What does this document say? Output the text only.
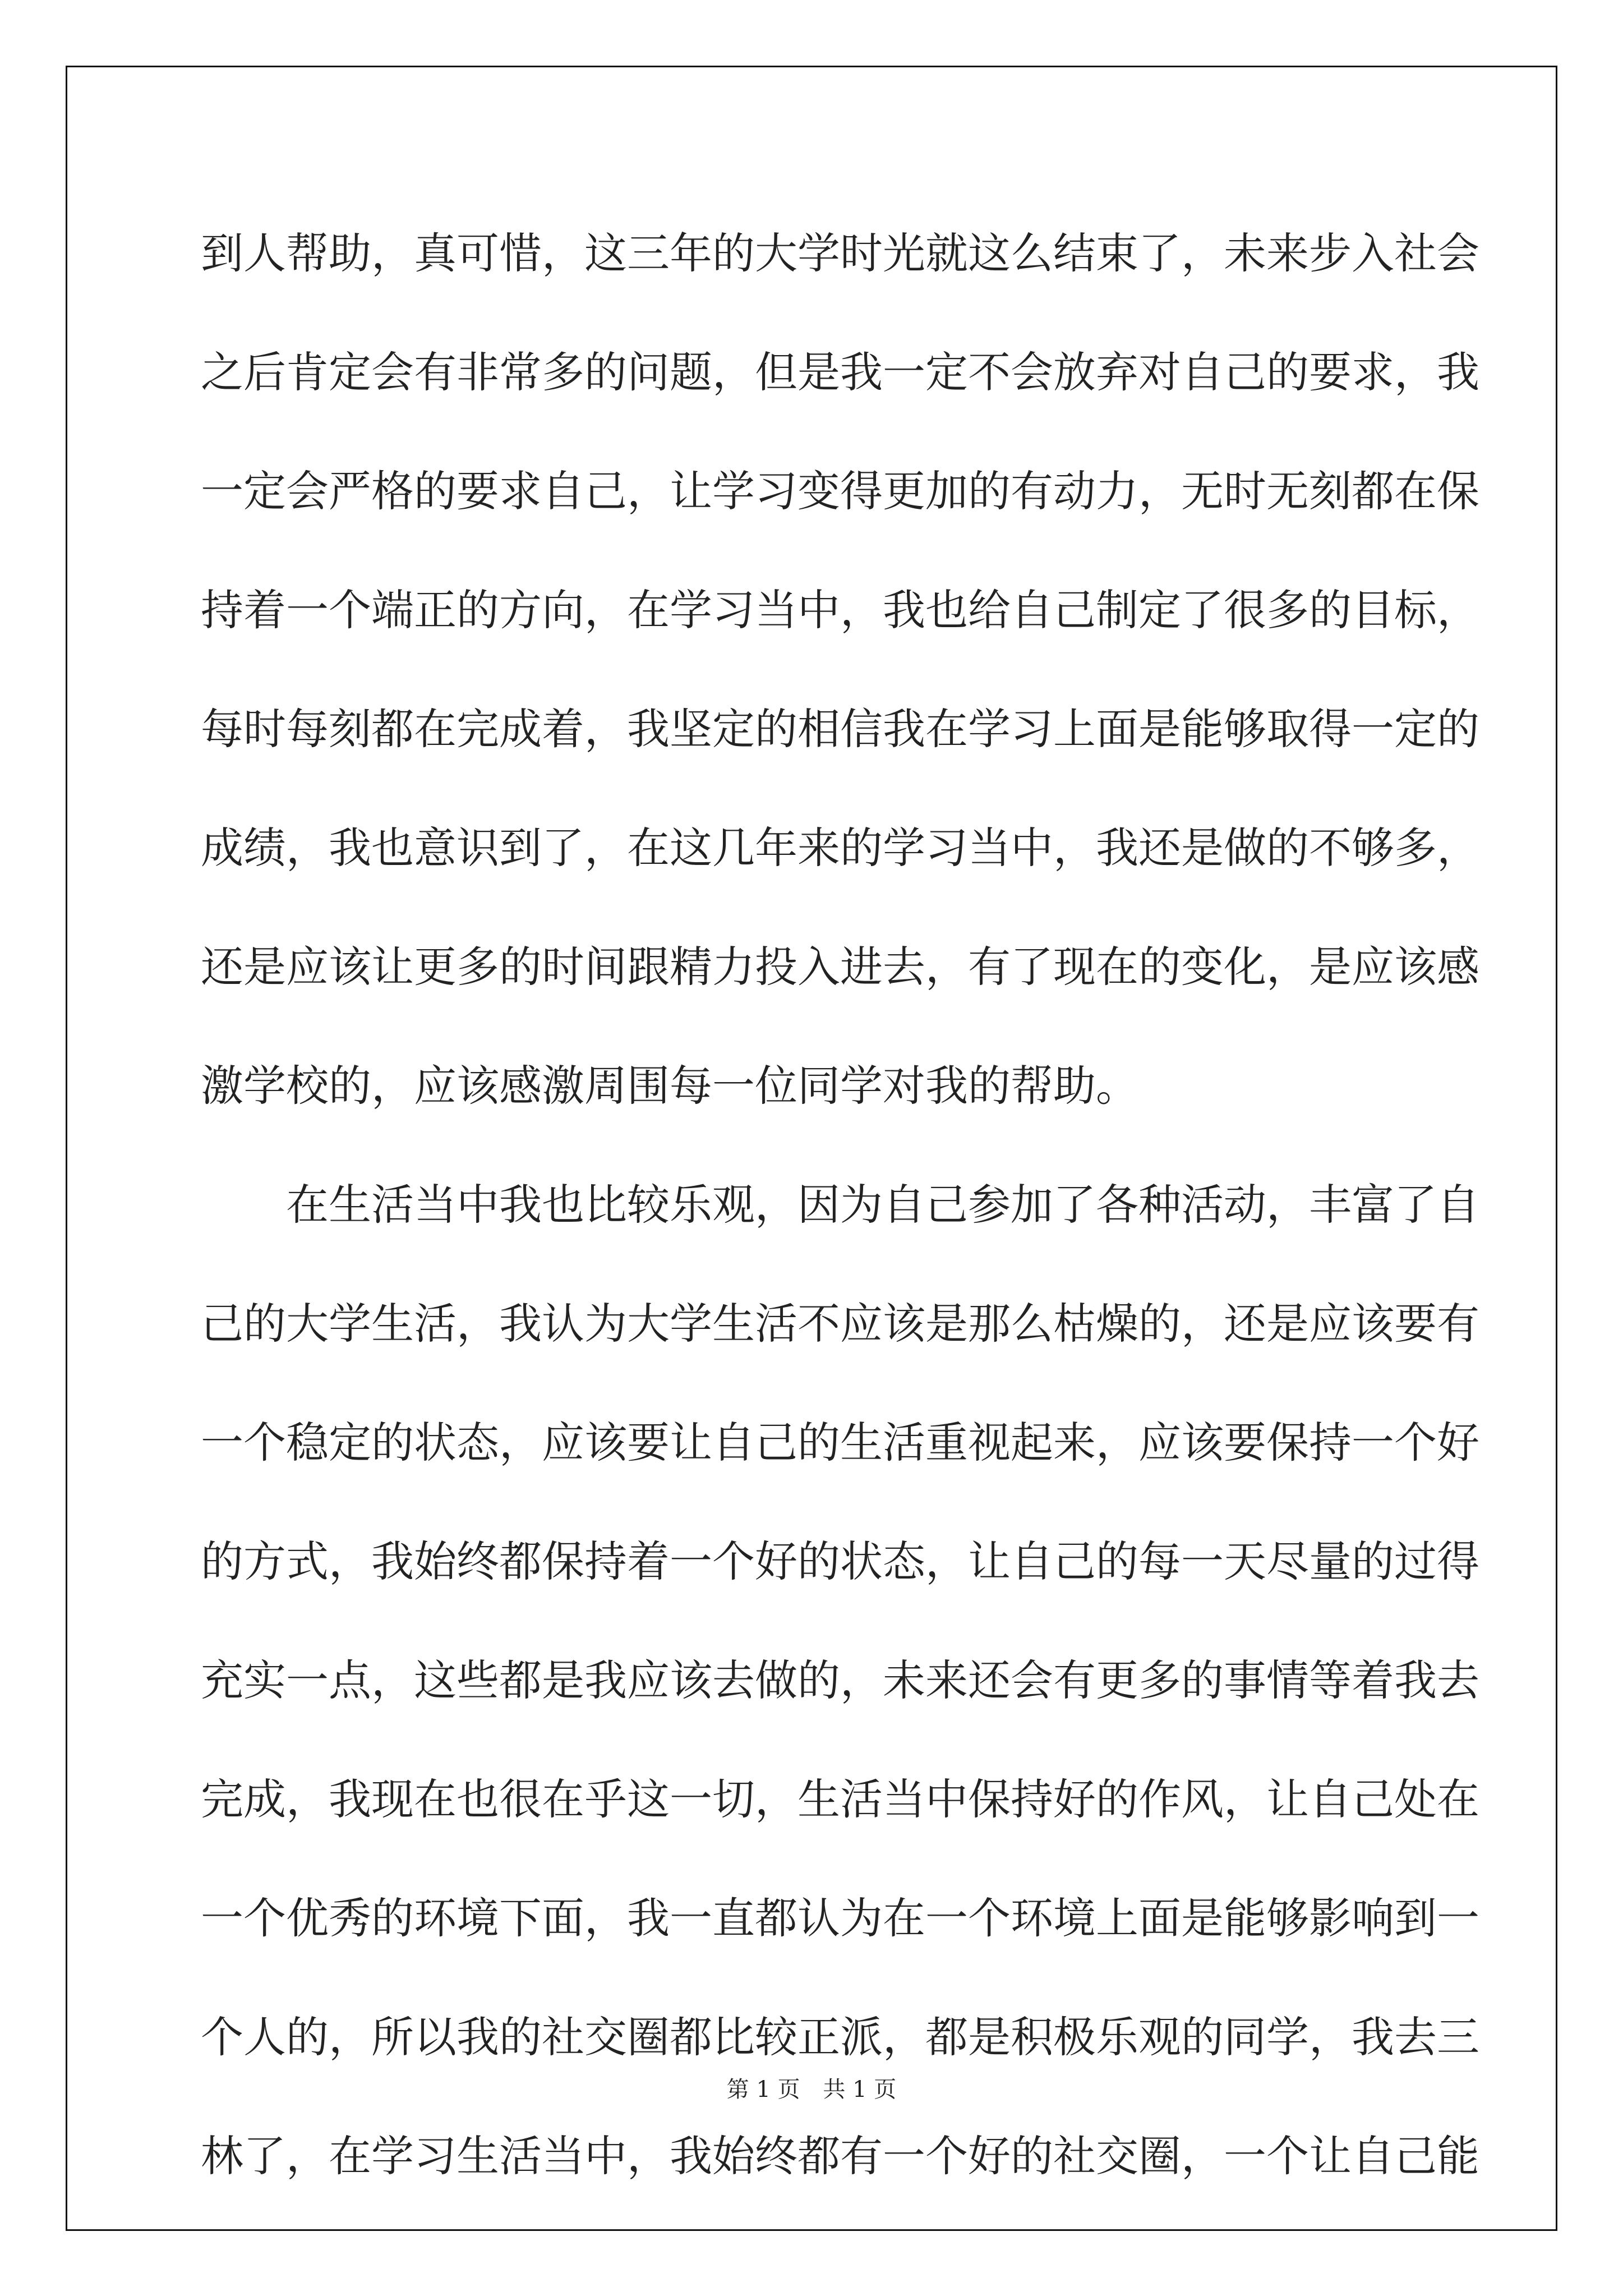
到人帮助，真可惜，这三年的大学时光就这么结束了，未来步入社会
之后肯定会有非常多的问题，但是我一定不会放弃对自己的要求，我
一定会严格的要求自己，让学习变得更加的有动力，无时无刻都在保
持着一个端正的方向，在学习当中，我也给自己制定了很多的目标，
每时每刻都在完成着，我坚定的相信我在学习上面是能够取得一定的
成绩，我也意识到了，在这几年来的学习当中，我还是做的不够多，
还是应该让更多的时间跟精力投入进去，有了现在的变化，是应该感
激学校的，应该感激周围每一位同学对我的帮助。
在生活当中我也比较乐观，因为自己参加了各种活动，丰富了自
己的大学生活，我认为大学生活不应该是那么枯燥的，还是应该要有
一个稳定的状态，应该要让自己的生活重视起来，应该要保持一个好
的方式，我始终都保持着一个好的状态，让自己的每一天尽量的过得
充实一点，这些都是我应该去做的，未来还会有更多的事情等着我去
完成，我现在也很在乎这一切，生活当中保持好的作风，让自己处在
一个优秀的环境下面，我一直都认为在一个环境上面是能够影响到一
个人的，所以我的社交圈都比较正派，都是积极乐观的同学，我去三
林了，在学习生活当中，我始终都有一个好的社交圈，一个让自己能
第 1 页 共 1 页
